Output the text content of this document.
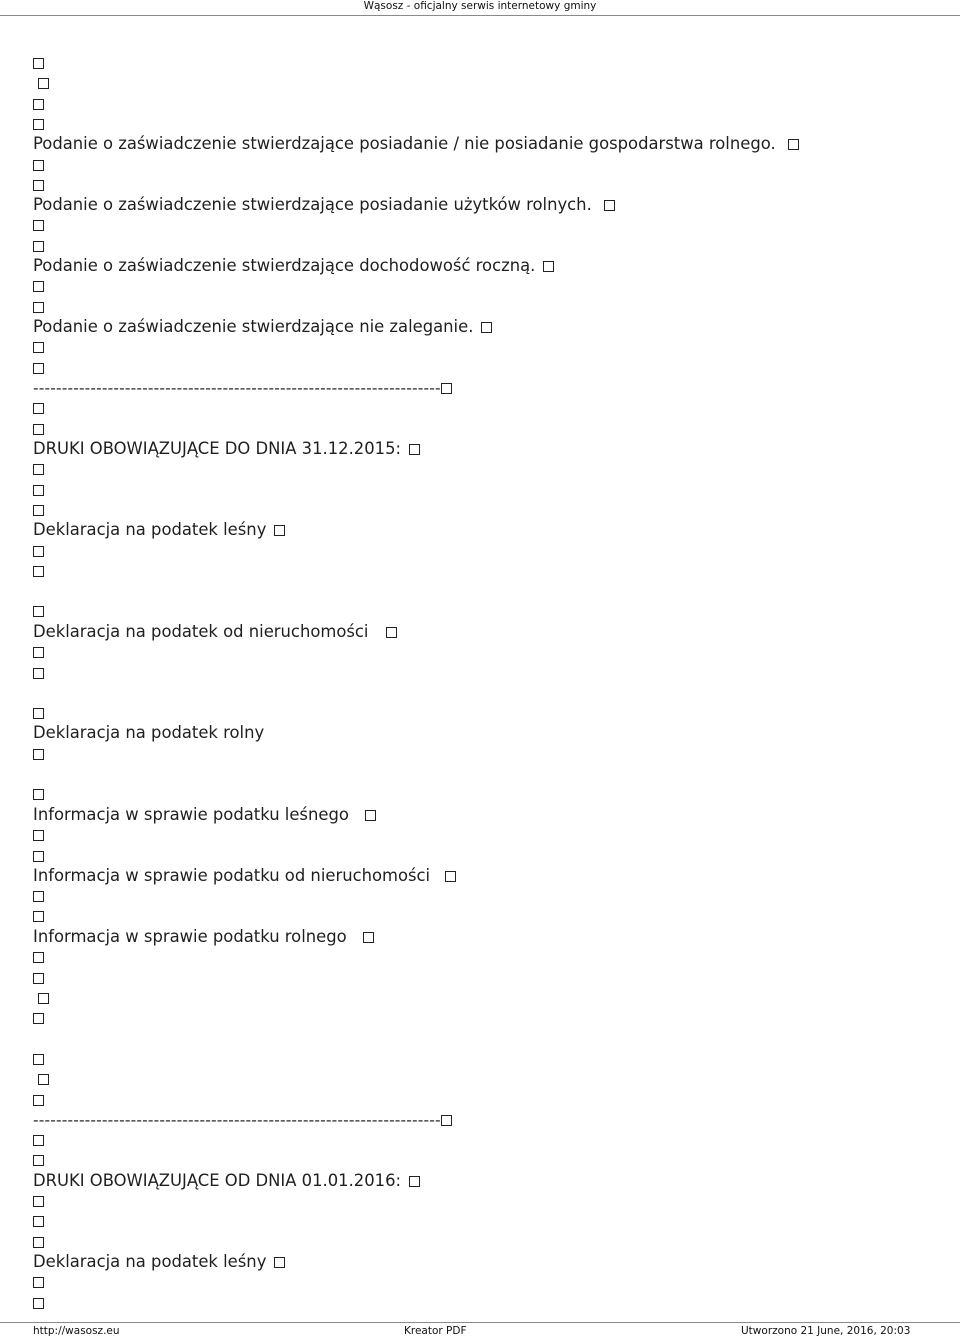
Wąsosz - oficjalny serwis internetowy gminy
Podanie o zaświadczenie stwierdzające posiadanie / nie posiadanie gospodarstwa rolnego.
Podanie o zaświadczenie stwierdzające posiadanie użytków rolnych.
Podanie o zaświadczenie stwierdzające dochodowość roczną.
Podanie o zaświadczenie stwierdzające nie zaleganie.
-----------------------------------------------------------------------
DRUKI OBOWIĄZUJĄCE DO DNIA 31.12.2015:
Deklaracja na podatek leśny
Deklaracja na podatek od nieruchomości
Deklaracja na podatek rolny
Informacja w sprawie podatku leśnego
Informacja w sprawie podatku od nieruchomości
Informacja w sprawie podatku rolnego
-----------------------------------------------------------------------
DRUKI OBOWIĄZUJĄCE OD DNIA 01.01.2016:
Deklaracja na podatek leśny
http://wasosz.eu	Kreator PDF	Utworzono 21 June, 2016, 20:03
